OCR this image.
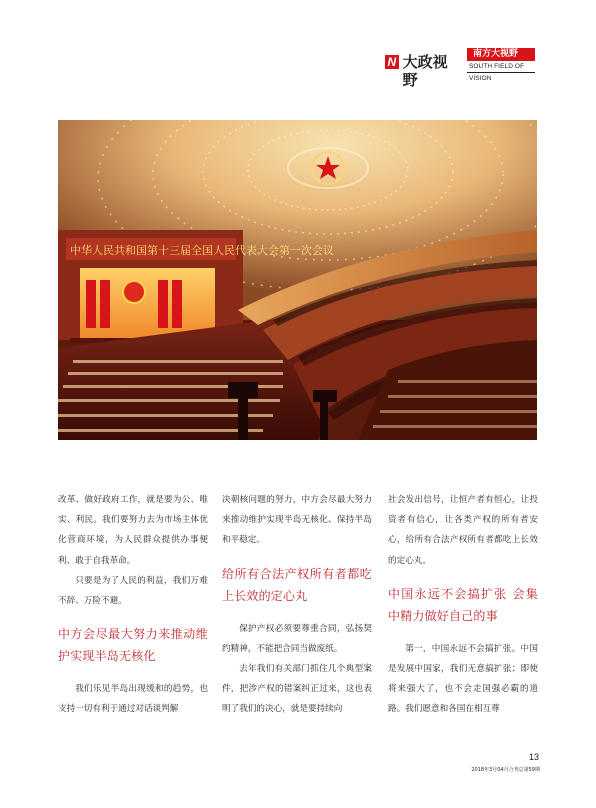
N 大政视野
南方大视野
SOUTH FIELD OF VISION
中华人民共和国第十三届全国人民代表大会第一次会议

改革、做好政府工作，就是要为公、唯实、利民。我们要努力去为市场主体优化营商环境，为人民群众提供办事便利、敢于自我革命。

只要是为了人民的利益，我们万难不辞、万险不避。

中方会尽最大努力来推动维护实现半岛无核化

我们乐见半岛出现缓和的趋势，也支持一切有利于通过对话谈判解

决朝核问题的努力，中方会尽最大努力来推动维护实现半岛无核化、保持半岛和平稳定。

给所有合法产权所有者都吃上长效的定心丸

保护产权必须要尊重合同，弘扬契约精神，不能把合同当做废纸。

去年我们有关部门抓住几个典型案件，把涉产权的错案纠正过来，这也表明了我们的决心，就是要持续向

社会发出信号，让恒产者有恒心，让投资者有信心，让各类产权的所有者安心，给所有合法产权所有者都吃上长效的定心丸。

中国永远不会搞扩张 会集中精力做好自己的事

第一，中国永远不会搞扩张。中国是发展中国家，我们无意搞扩张；即使将来强大了，也不会走国强必霸的道路。我们愿意和各国在相互尊

13
2018年3月04月合刊总第59期
